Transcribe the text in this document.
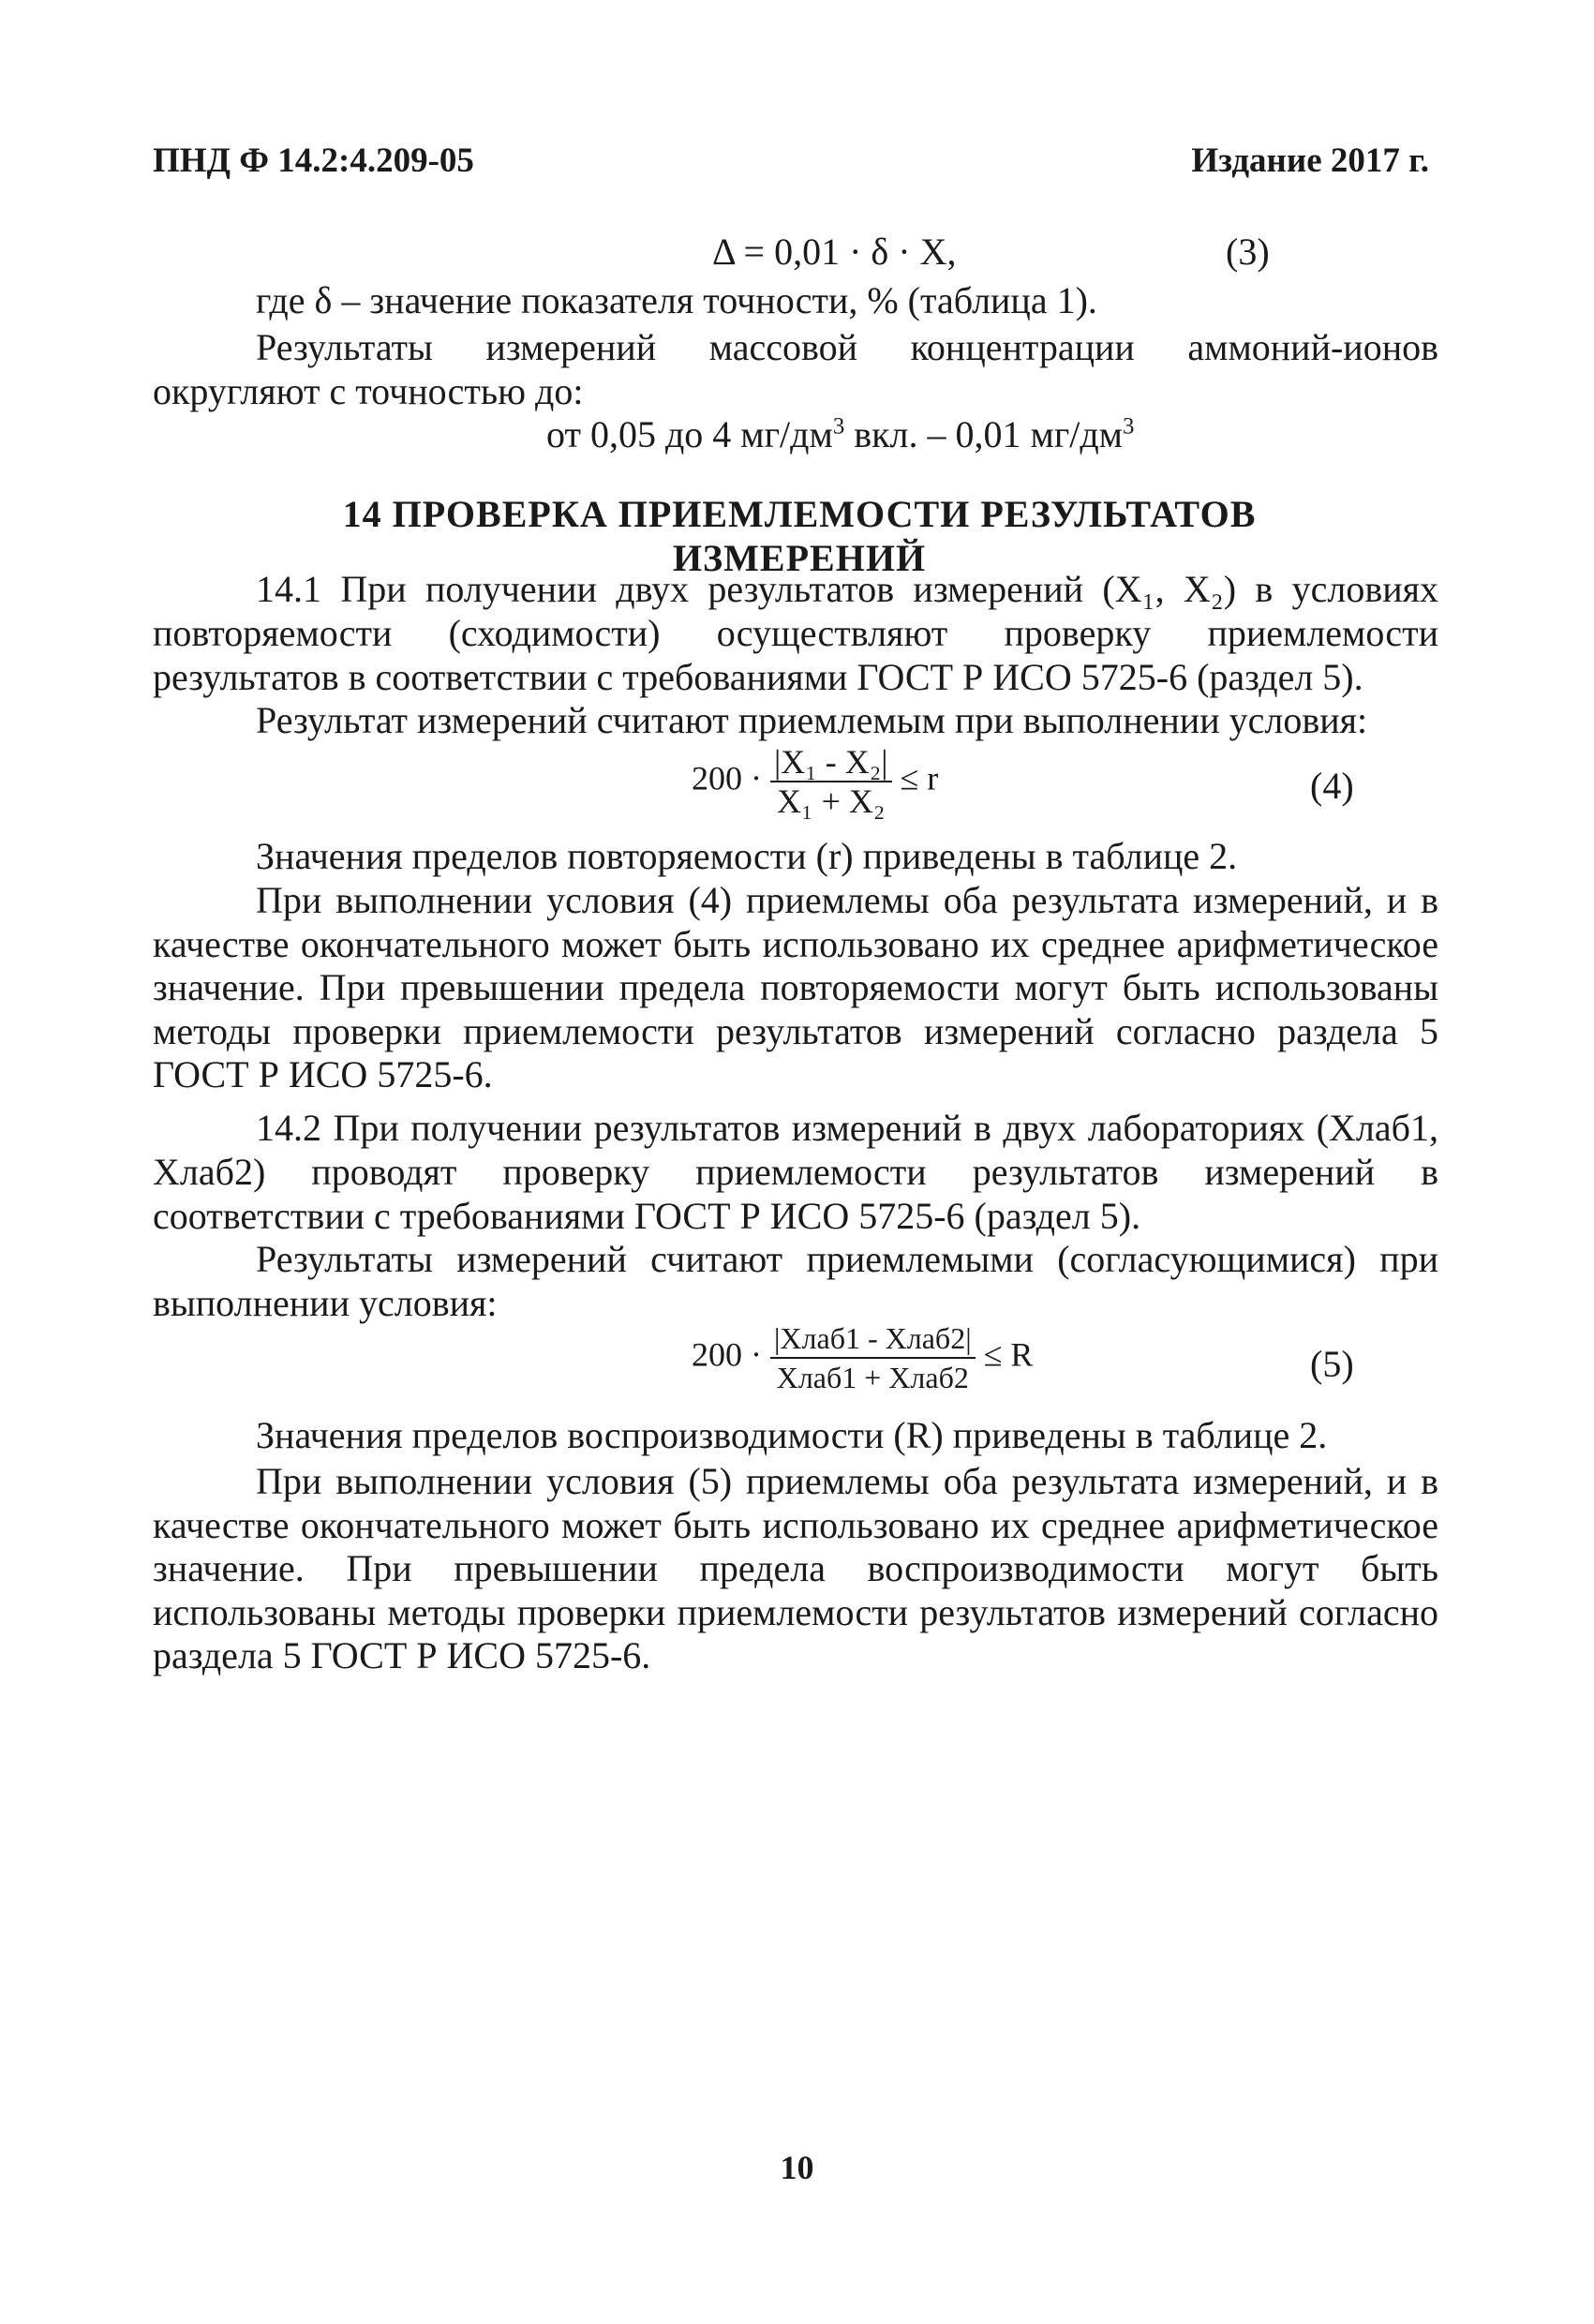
ПНД Ф 14.2:4.209-05	Издание 2017 г.
Δ = 0,01 · δ · X,	(3)
где δ – значение показателя точности, % (таблица 1).
Результаты измерений массовой концентрации аммоний-ионов округляют с точностью до:
от 0,05 до 4 $мг/дм^3$ вкл. – 0,01 $мг/дм^3$
14 ПРОВЕРКА ПРИЕМЛЕМОСТИ РЕЗУЛЬТАТОВ ИЗМЕРЕНИЙ
14.1 При получении двух результатов измерений (X₁, X₂) в условиях повторяемости (сходимости) осуществляют проверку приемлемости результатов в соответствии с требованиями ГОСТ Р ИСО 5725-6 (раздел 5).
Результат измерений считают приемлемым при выполнении условия:
$200 \cdot \frac{\text{|X₁ - X₂|}}{\text{X₁ + X₂}} \le r$	(4)
Значения пределов повторяемости (r) приведены в таблице 2.
При выполнении условия (4) приемлемы оба результата измерений, и в качестве окончательного может быть использовано их среднее арифметическое значение. При превышении предела повторяемости могут быть использованы методы проверки приемлемости результатов измерений согласно раздела 5 ГОСТ Р ИСО 5725-6.
14.2 При получении результатов измерений в двух лабораториях (Xлаб1, Xлаб2) проводят проверку приемлемости результатов измерений в соответствии с требованиями ГОСТ Р ИСО 5725-6 (раздел 5).
Результаты измерений считают приемлемыми (согласующимися) при выполнении условия:
$200 \cdot \frac{\text{|Xлаб1 - Xлаб2|}}{\text{Xлаб1 + Xлаб2}} \le R$	(5)
Значения пределов воспроизводимости (R) приведены в таблице 2.
При выполнении условия (5) приемлемы оба результата измерений, и в качестве окончательного может быть использовано их среднее арифметическое значение. При превышении предела воспроизводимости могут быть использованы методы проверки приемлемости результатов измерений согласно раздела 5 ГОСТ Р ИСО 5725-6.
10
